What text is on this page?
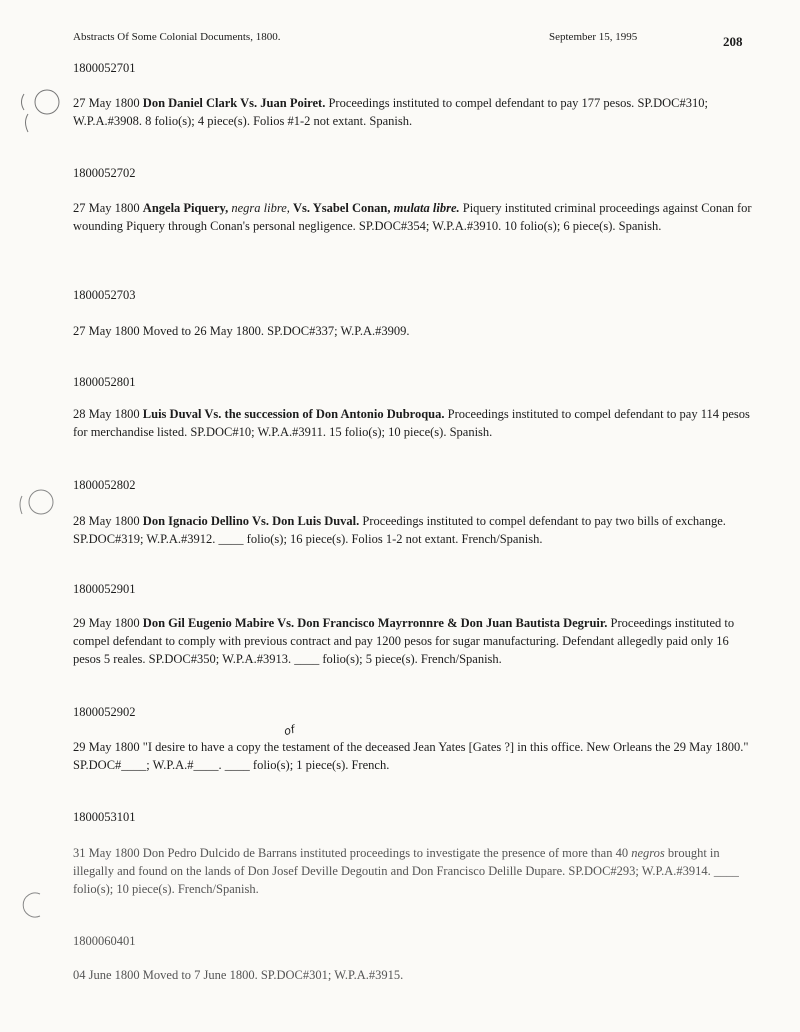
Abstracts Of Some Colonial Documents, 1800.	September 15, 1995	208
1800052701
27 May 1800 Don Daniel Clark Vs. Juan Poiret. Proceedings instituted to compel defendant to pay 177 pesos. SP.DOC#310; W.P.A.#3908. 8 folio(s); 4 piece(s). Folios #1-2 not extant. Spanish.
1800052702
27 May 1800 Angela Piquery, negra libre, Vs. Ysabel Conan, mulata libre. Piquery instituted criminal proceedings against Conan for wounding Piquery through Conan's personal negligence. SP.DOC#354; W.P.A.#3910. 10 folio(s); 6 piece(s). Spanish.
1800052703
27 May 1800 Moved to 26 May 1800. SP.DOC#337; W.P.A.#3909.
1800052801
28 May 1800 Luis Duval Vs. the succession of Don Antonio Dubroqua. Proceedings instituted to compel defendant to pay 114 pesos for merchandise listed. SP.DOC#10; W.P.A.#3911. 15 folio(s); 10 piece(s). Spanish.
1800052802
28 May 1800 Don Ignacio Dellino Vs. Don Luis Duval. Proceedings instituted to compel defendant to pay two bills of exchange. SP.DOC#319; W.P.A.#3912. ____ folio(s); 16 piece(s). Folios 1-2 not extant. French/Spanish.
1800052901
29 May 1800 Don Gil Eugenio Mabire Vs. Don Francisco Mayrronnre & Don Juan Bautista Degruir. Proceedings instituted to compel defendant to comply with previous contract and pay 1200 pesos for sugar manufacturing. Defendant allegedly paid only 16 pesos 5 reales. SP.DOC#350; W.P.A.#3913. ____ folio(s); 5 piece(s). French/Spanish.
1800052902
of
29 May 1800 "I desire to have a copy the testament of the deceased Jean Yates [Gates ?] in this office. New Orleans the 29 May 1800." SP.DOC#____; W.P.A.#____. ____ folio(s); 1 piece(s). French.
1800053101
31 May 1800 Don Pedro Dulcido de Barrans instituted proceedings to investigate the presence of more than 40 negros brought in illegally and found on the lands of Don Josef Deville Degoutin and Don Francisco Delille Dupare. SP.DOC#293; W.P.A.#3914. ____ folio(s); 10 piece(s). French/Spanish.
1800060401
04 June 1800 Moved to 7 June 1800. SP.DOC#301; W.P.A.#3915.
